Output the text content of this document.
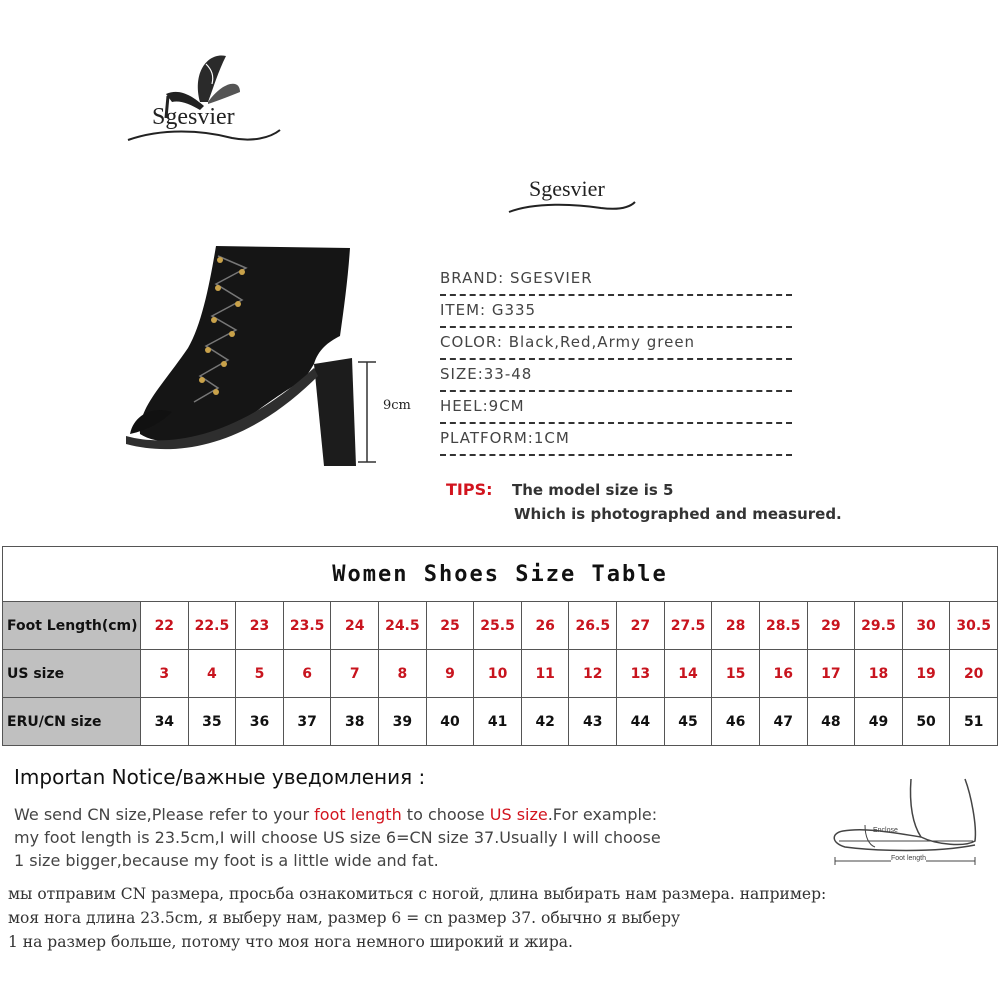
Sgesvier
Sgesvier
9cm
BRAND: SGESVIER
ITEM: G335
COLOR: Black,Red,Army green
SIZE:33-48
HEEL:9CM
PLATFORM:1CM
TIPS: The model size is 5
Which is photographed and measured.
Women Shoes Size Table																		
Foot Length(cm)	22	22.5	23	23.5	24	24.5	25	25.5	26	26.5	27	27.5	28	28.5	29	29.5	30	30.5
US size	3	4	5	6	7	8	9	10	11	12	13	14	15	16	17	18	19	20
ERU/CN size	34	35	36	37	38	39	40	41	42	43	44	45	46	47	48	49	50	51
Importan Notice/важные уведомления :
We send CN size,Please refer to your foot length to choose US size.For example:
my foot length is 23.5cm,I will choose US size 6=CN size 37.Usually I will choose
1 size bigger,because my foot is a little wide and fat.
Enclose
Foot length
мы отправим CN размера, просьба ознакомиться с ногой, длина выбирать нам размера. например:
моя нога длина 23.5cm, я выберу нам, размер 6 = cn размер 37. обычно я выберу
1 на размер больше, потому что моя нога немного широкий и жира.
